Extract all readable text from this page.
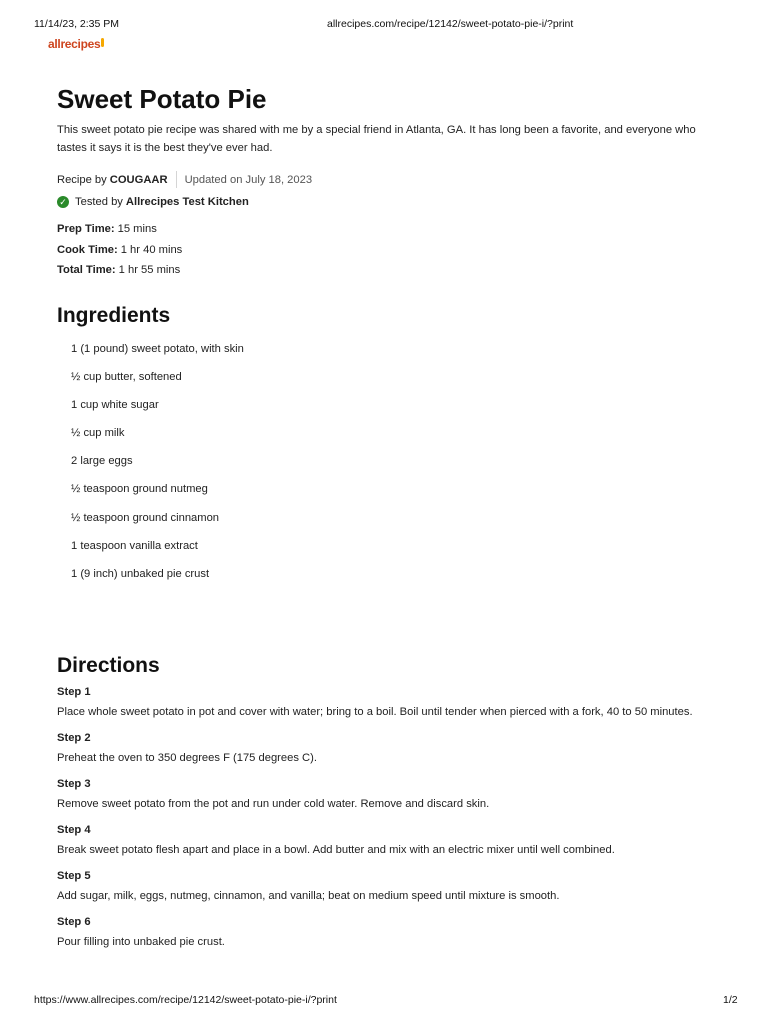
11/14/23, 2:35 PM	allrecipes.com/recipe/12142/sweet-potato-pie-i/?print
allrecipes
Sweet Potato Pie

This sweet potato pie recipe was shared with me by a special friend in Atlanta, GA. It has long been a favorite, and everyone who tastes it says it is the best they've ever had.

Recipe by COUGAAR Updated on July 18, 2023
✓ Tested by Allrecipes Test Kitchen
Prep Time: 15 mins
Cook Time: 1 hr 40 mins
Total Time: 1 hr 55 mins
Ingredients
1 (1 pound) sweet potato, with skin
½ cup butter, softened
1 cup white sugar
½ cup milk
2 large eggs
½ teaspoon ground nutmeg
½ teaspoon ground cinnamon
1 teaspoon vanilla extract
1 (9 inch) unbaked pie crust
Directions
Step 1
Place whole sweet potato in pot and cover with water; bring to a boil. Boil until tender when pierced with a fork, 40 to 50 minutes.
Step 2
Preheat the oven to 350 degrees F (175 degrees C).
Step 3
Remove sweet potato from the pot and run under cold water. Remove and discard skin.
Step 4
Break sweet potato flesh apart and place in a bowl. Add butter and mix with an electric mixer until well combined.
Step 5
Add sugar, milk, eggs, nutmeg, cinnamon, and vanilla; beat on medium speed until mixture is smooth.
Step 6
Pour filling into unbaked pie crust.
https://www.allrecipes.com/recipe/12142/sweet-potato-pie-i/?print	1/2
